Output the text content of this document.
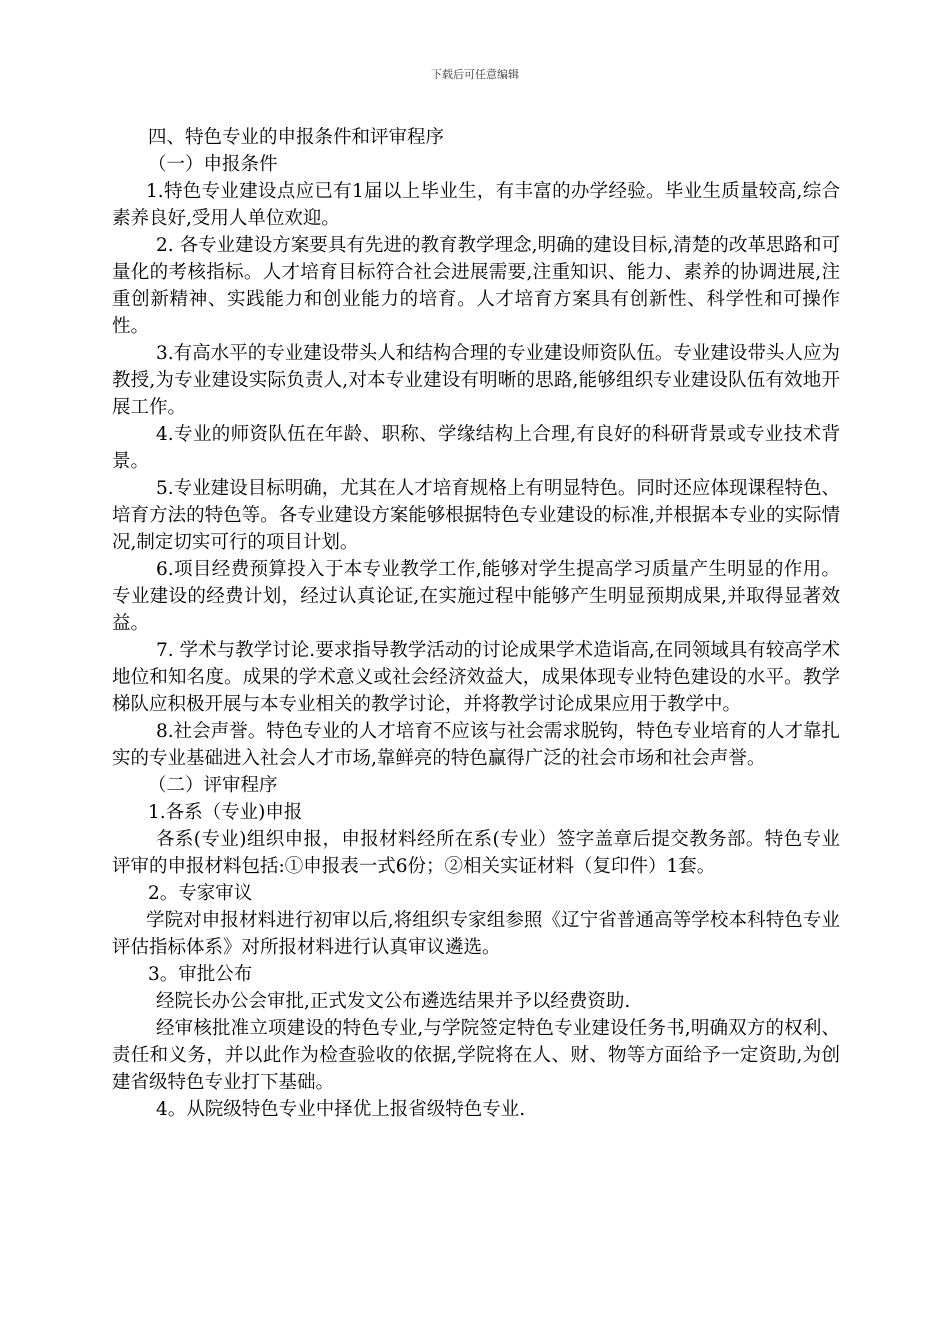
下载后可任意编辑

四、特色专业的申报条件和评审程序

（一）申报条件

1.特色专业建设点应已有1届以上毕业生，有丰富的办学经验。毕业生质量较高,综合素养良好,受用人单位欢迎。

2. 各专业建设方案要具有先进的教育教学理念,明确的建设目标,清楚的改革思路和可量化的考核指标。人才培育目标符合社会进展需要,注重知识、能力、素养的协调进展,注重创新精神、实践能力和创业能力的培育。人才培育方案具有创新性、科学性和可操作性。

3.有高水平的专业建设带头人和结构合理的专业建设师资队伍。专业建设带头人应为教授,为专业建设实际负责人,对本专业建设有明晰的思路,能够组织专业建设队伍有效地开展工作。

4.专业的师资队伍在年龄、职称、学缘结构上合理,有良好的科研背景或专业技术背景。

5.专业建设目标明确，尤其在人才培育规格上有明显特色。同时还应体现课程特色、培育方法的特色等。各专业建设方案能够根据特色专业建设的标准,并根据本专业的实际情况,制定切实可行的项目计划。

6.项目经费预算投入于本专业教学工作,能够对学生提高学习质量产生明显的作用。专业建设的经费计划，经过认真论证,在实施过程中能够产生明显预期成果,并取得显著效益。

7. 学术与教学讨论.要求指导教学活动的讨论成果学术造诣高,在同领域具有较高学术地位和知名度。成果的学术意义或社会经济效益大，成果体现专业特色建设的水平。教学梯队应积极开展与本专业相关的教学讨论，并将教学讨论成果应用于教学中。

8.社会声誉。特色专业的人才培育不应该与社会需求脱钩，特色专业培育的人才靠扎实的专业基础进入社会人才市场,靠鲜亮的特色赢得广泛的社会市场和社会声誉。

（二）评审程序

1.各系（专业)申报

各系(专业)组织申报，申报材料经所在系(专业）签字盖章后提交教务部。特色专业评审的申报材料包括:①申报表一式6份；②相关实证材料（复印件）1套。

2。专家审议

学院对申报材料进行初审以后,将组织专家组参照《辽宁省普通高等学校本科特色专业评估指标体系》对所报材料进行认真审议遴选。

3。审批公布

经院长办公会审批,正式发文公布遴选结果并予以经费资助.

经审核批准立项建设的特色专业,与学院签定特色专业建设任务书,明确双方的权利、责任和义务，并以此作为检查验收的依据,学院将在人、财、物等方面给予一定资助,为创建省级特色专业打下基础。

4。从院级特色专业中择优上报省级特色专业.
